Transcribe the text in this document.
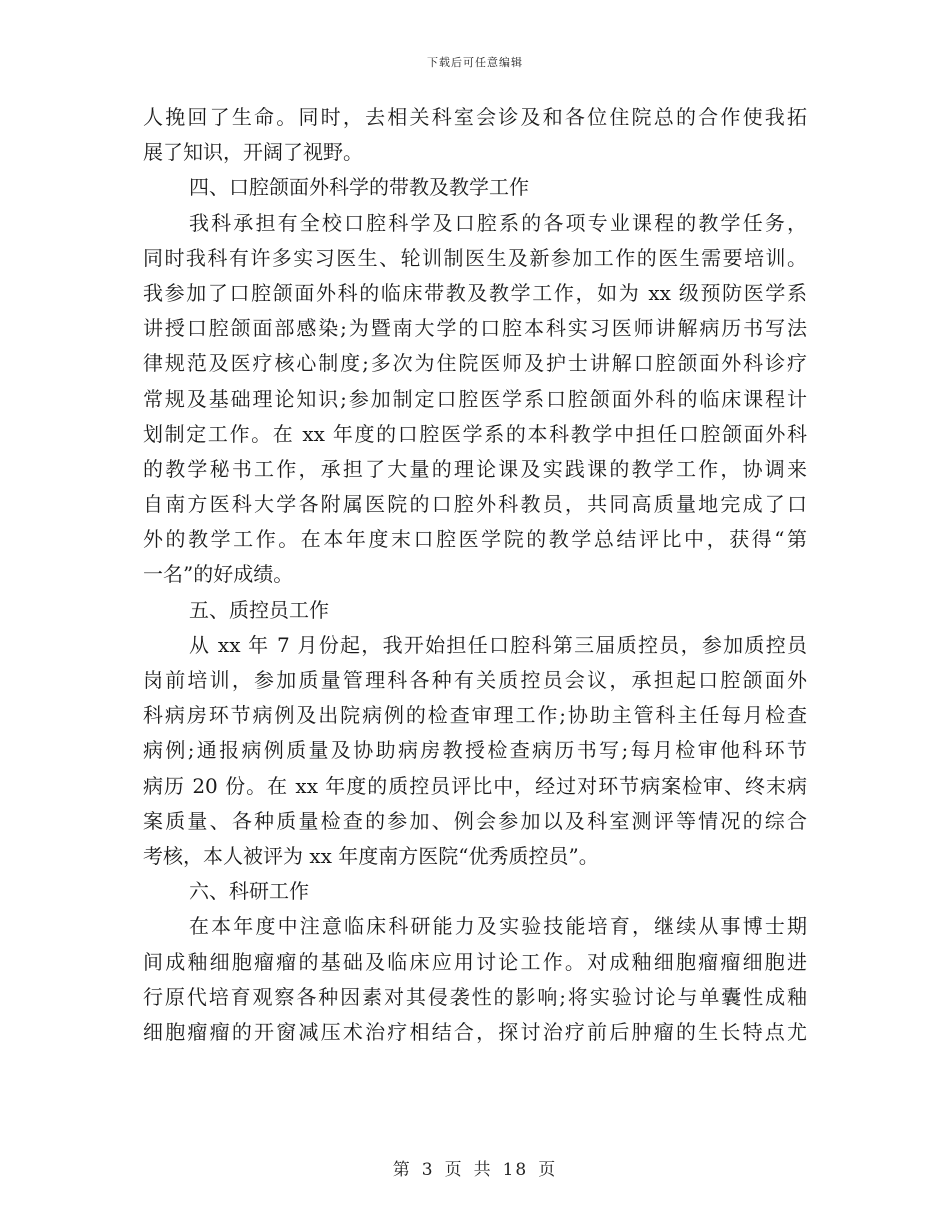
下载后可任意编辑
人挽回了生命。同时，去相关科室会诊及和各位住院总的合作使我拓
展了知识，开阔了视野。
四、口腔颌面外科学的带教及教学工作
我科承担有全校口腔科学及口腔系的各项专业课程的教学任务，
同时我科有许多实习医生、轮训制医生及新参加工作的医生需要培训。
我参加了口腔颌面外科的临床带教及教学工作，如为 xx 级预防医学系
讲授口腔颌面部感染;为暨南大学的口腔本科实习医师讲解病历书写法
律规范及医疗核心制度;多次为住院医师及护士讲解口腔颌面外科诊疗
常规及基础理论知识;参加制定口腔医学系口腔颌面外科的临床课程计
划制定工作。在 xx 年度的口腔医学系的本科教学中担任口腔颌面外科
的教学秘书工作，承担了大量的理论课及实践课的教学工作，协调来
自南方医科大学各附属医院的口腔外科教员，共同高质量地完成了口
外的教学工作。在本年度末口腔医学院的教学总结评比中，获得“第
一名”的好成绩。
五、质控员工作
从 xx 年 7 月份起，我开始担任口腔科第三届质控员，参加质控员
岗前培训，参加质量管理科各种有关质控员会议，承担起口腔颌面外
科病房环节病例及出院病例的检查审理工作;协助主管科主任每月检查
病例;通报病例质量及协助病房教授检查病历书写;每月检审他科环节
病历 20 份。在 xx 年度的质控员评比中，经过对环节病案检审、终末病
案质量、各种质量检查的参加、例会参加以及科室测评等情况的综合
考核，本人被评为 xx 年度南方医院“优秀质控员”。
六、科研工作
在本年度中注意临床科研能力及实验技能培育，继续从事博士期
间成釉细胞瘤瘤的基础及临床应用讨论工作。对成釉细胞瘤瘤细胞进
行原代培育观察各种因素对其侵袭性的影响;将实验讨论与单囊性成釉
细胞瘤瘤的开窗减压术治疗相结合，探讨治疗前后肿瘤的生长特点尤
第 3 页 共 18 页
